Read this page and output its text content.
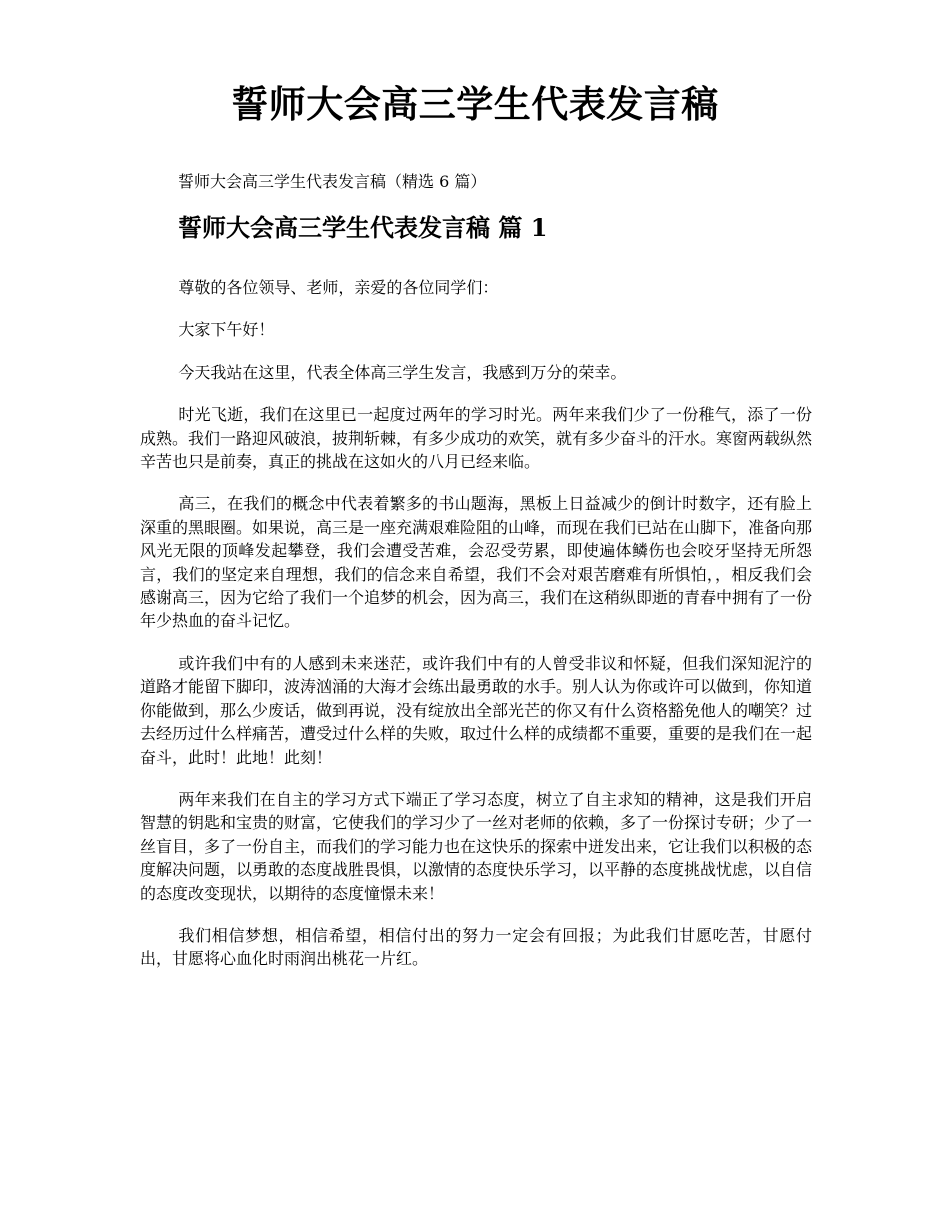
誓师大会高三学生代表发言稿
誓师大会高三学生代表发言稿（精选 6 篇）
誓师大会高三学生代表发言稿 篇 1

尊敬的各位领导、老师，亲爱的各位同学们：

大家下午好！

今天我站在这里，代表全体高三学生发言，我感到万分的荣幸。

时光飞逝，我们在这里已一起度过两年的学习时光。两年来我们少了一份稚气，添了一份成熟。我们一路迎风破浪，披荆斩棘，有多少成功的欢笑，就有多少奋斗的汗水。寒窗两载纵然辛苦也只是前奏，真正的挑战在这如火的八月已经来临。

高三，在我们的概念中代表着繁多的书山题海，黑板上日益减少的倒计时数字，还有脸上深重的黑眼圈。如果说，高三是一座充满艰难险阻的山峰，而现在我们已站在山脚下，准备向那风光无限的顶峰发起攀登，我们会遭受苦难，会忍受劳累，即使遍体鳞伤也会咬牙坚持无所怨言，我们的坚定来自理想，我们的信念来自希望，我们不会对艰苦磨难有所惧怕，，相反我们会感谢高三，因为它给了我们一个追梦的机会，因为高三，我们在这稍纵即逝的青春中拥有了一份年少热血的奋斗记忆。

或许我们中有的人感到未来迷茫，或许我们中有的人曾受非议和怀疑，但我们深知泥泞的道路才能留下脚印，波涛汹涌的大海才会练出最勇敢的水手。别人认为你或许可以做到，你知道你能做到，那么少废话，做到再说，没有绽放出全部光芒的你又有什么资格豁免他人的嘲笑？过去经历过什么样痛苦，遭受过什么样的失败，取过什么样的成绩都不重要，重要的是我们在一起奋斗，此时！此地！此刻！

两年来我们在自主的学习方式下端正了学习态度，树立了自主求知的精神，这是我们开启智慧的钥匙和宝贵的财富，它使我们的学习少了一丝对老师的依赖，多了一份探讨专研；少了一丝盲目，多了一份自主，而我们的学习能力也在这快乐的探索中迸发出来，它让我们以积极的态度解决问题，以勇敢的态度战胜畏惧，以激情的态度快乐学习，以平静的态度挑战忧虑，以自信的态度改变现状，以期待的态度憧憬未来！

我们相信梦想，相信希望，相信付出的努力一定会有回报；为此我们甘愿吃苦，甘愿付出，甘愿将心血化时雨润出桃花一片红。
